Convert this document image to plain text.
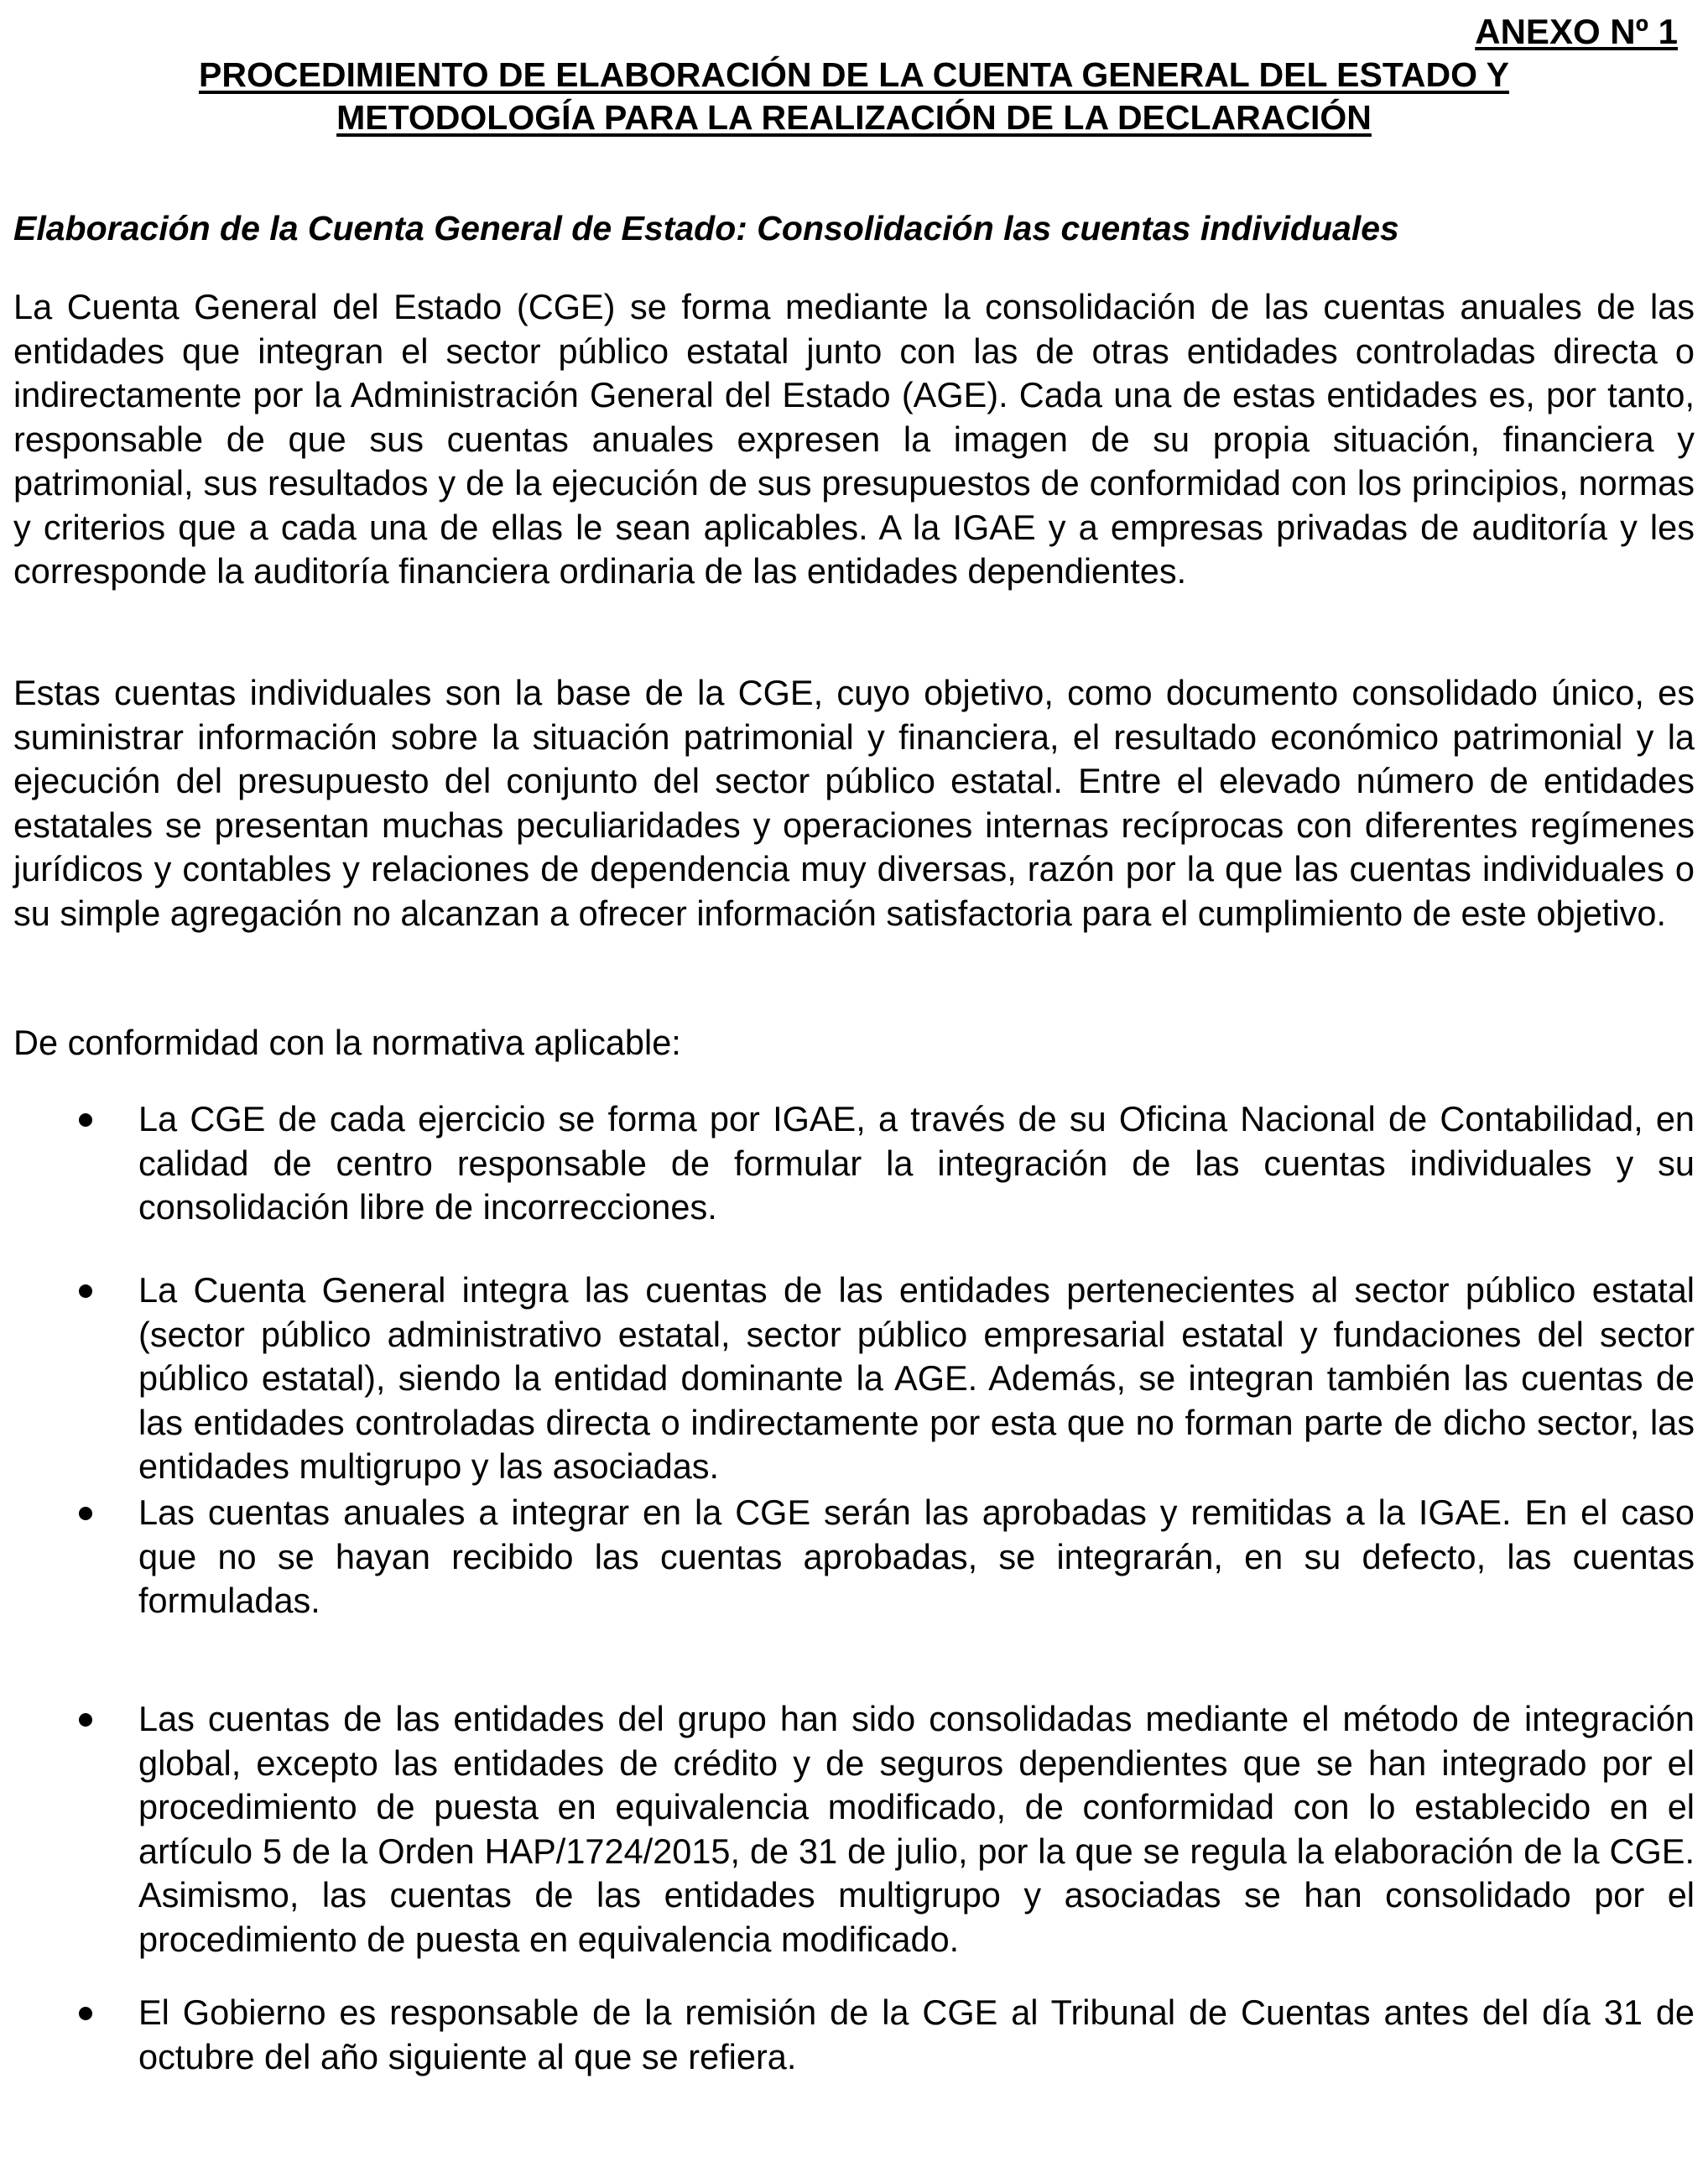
ANEXO Nº 1
PROCEDIMIENTO DE ELABORACIÓN DE LA CUENTA GENERAL DEL ESTADO Y
METODOLOGÍA PARA LA REALIZACIÓN DE LA DECLARACIÓN
Elaboración de la Cuenta General de Estado: Consolidación las cuentas individuales

La Cuenta General del Estado (CGE) se forma mediante la consolidación de las cuentas anuales de las entidades que integran el sector público estatal junto con las de otras entidades controladas directa o indirectamente por la Administración General del Estado (AGE). Cada una de estas entidades es, por tanto, responsable de que sus cuentas anuales expresen la imagen de su propia situación, financiera y patrimonial, sus resultados y de la ejecución de sus presupuestos de conformidad con los principios, normas y criterios que a cada una de ellas le sean aplicables. A la IGAE y a empresas privadas de auditoría y les corresponde la auditoría financiera ordinaria de las entidades dependientes.

Estas cuentas individuales son la base de la CGE, cuyo objetivo, como documento consolidado único, es suministrar información sobre la situación patrimonial y financiera, el resultado económico patrimonial y la ejecución del presupuesto del conjunto del sector público estatal. Entre el elevado número de entidades estatales se presentan muchas peculiaridades y operaciones internas recíprocas con diferentes regímenes jurídicos y contables y relaciones de dependencia muy diversas, razón por la que las cuentas individuales o su simple agregación no alcanzan a ofrecer información satisfactoria para el cumplimiento de este objetivo.

De conformidad con la normativa aplicable:

La CGE de cada ejercicio se forma por IGAE, a través de su Oficina Nacional de Contabilidad, en calidad de centro responsable de formular la integración de las cuentas individuales y su consolidación libre de incorrecciones.
La Cuenta General integra las cuentas de las entidades pertenecientes al sector público estatal (sector público administrativo estatal, sector público empresarial estatal y fundaciones del sector público estatal), siendo la entidad dominante la AGE. Además, se integran también las cuentas de las entidades controladas directa o indirectamente por esta que no forman parte de dicho sector, las entidades multigrupo y las asociadas.
Las cuentas anuales a integrar en la CGE serán las aprobadas y remitidas a la IGAE. En el caso que no se hayan recibido las cuentas aprobadas, se integrarán, en su defecto, las cuentas formuladas.
Las cuentas de las entidades del grupo han sido consolidadas mediante el método de integración global, excepto las entidades de crédito y de seguros dependientes que se han integrado por el procedimiento de puesta en equivalencia modificado, de conformidad con lo establecido en el artículo 5 de la Orden HAP/1724/2015, de 31 de julio, por la que se regula la elaboración de la CGE. Asimismo, las cuentas de las entidades multigrupo y asociadas se han consolidado por el procedimiento de puesta en equivalencia modificado.
El Gobierno es responsable de la remisión de la CGE al Tribunal de Cuentas antes del día 31 de octubre del año siguiente al que se refiera.
